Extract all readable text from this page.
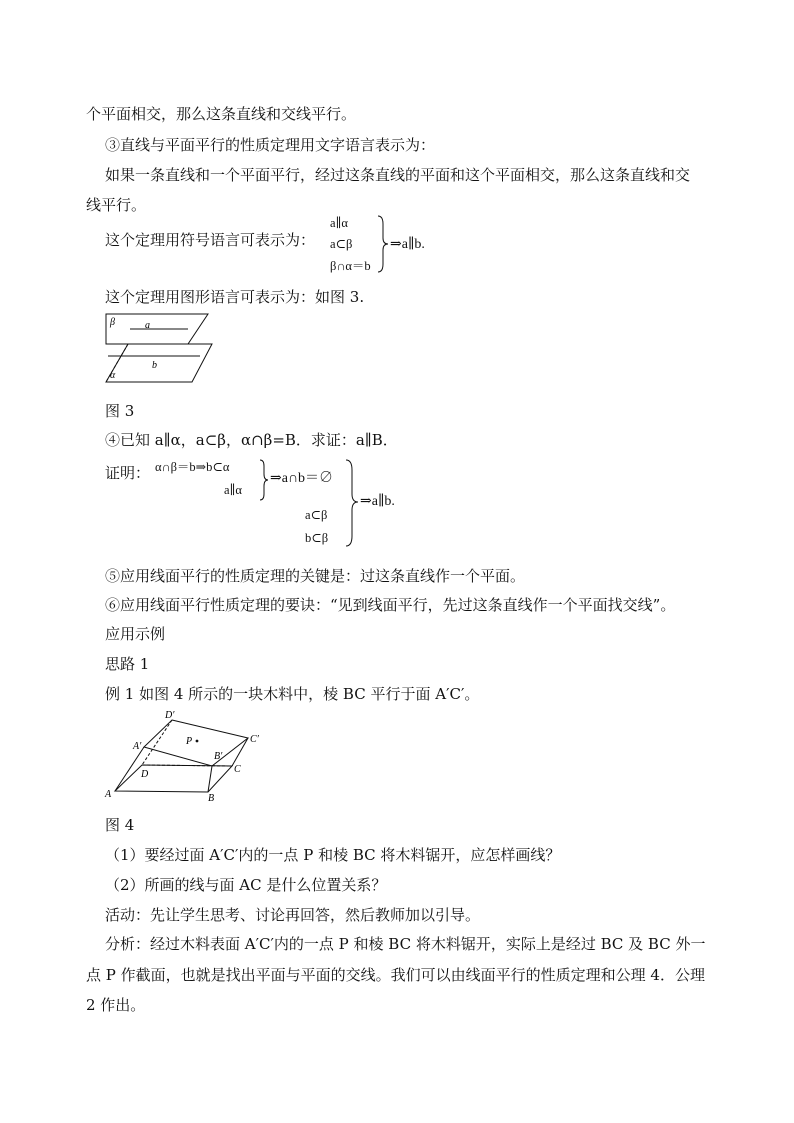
个平面相交，那么这条直线和交线平行。
③直线与平面平行的性质定理用文字语言表示为：
如果一条直线和一个平面平行，经过这条直线的平面和这个平面相交，那么这条直线和交
线平行。
这个定理用符号语言可表示为：
a∥α
a⊂β
β∩α＝b
⇒a∥b.
这个定理用图形语言可表示为：如图 3.
β	a
b
α
图 3
④已知 a∥α，a⊂β，α∩β=B．求证：a∥B．
证明： α∩β＝b⇒b⊂α
a∥α
⇒a∩b＝∅
a⊂β
b⊂β
⇒a∥b.
⑤应用线面平行的性质定理的关键是：过这条直线作一个平面。
⑥应用线面平行性质定理的要诀：“见到线面平行，先过这条直线作一个平面找交线”。
应用示例
思路 1
例 1 如图 4 所示的一块木料中，棱 BC 平行于面 A′C′。
D′
C′
A′
B′
P
D	C
A	B
图 4
（1）要经过面 A′C′内的一点 P 和棱 BC 将木料锯开，应怎样画线？
（2）所画的线与面 AC 是什么位置关系？
活动：先让学生思考、讨论再回答，然后教师加以引导。
分析：经过木料表面 A′C′内的一点 P 和棱 BC 将木料锯开，实际上是经过 BC 及 BC 外一
点 P 作截面，也就是找出平面与平面的交线。我们可以由线面平行的性质定理和公理 4．公理
2 作出。
